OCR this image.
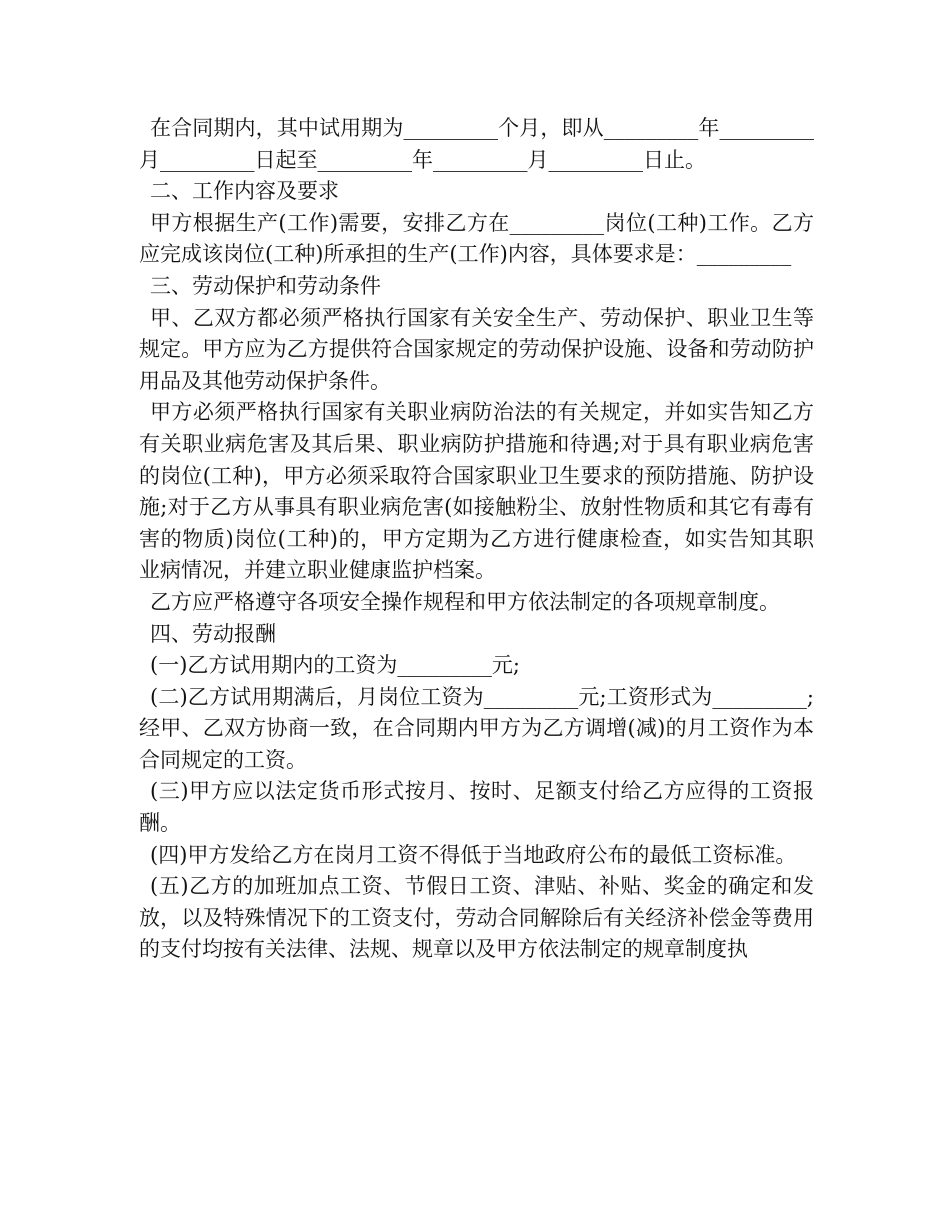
在合同期内，其中试用期为_________个月，即从_________年_________月_________日起至_________年_________月_________日止。

二、工作内容及要求

甲方根据生产(工作)需要，安排乙方在_________岗位(工种)工作。乙方应完成该岗位(工种)所承担的生产(工作)内容，具体要求是：_________

三、劳动保护和劳动条件

甲、乙双方都必须严格执行国家有关安全生产、劳动保护、职业卫生等规定。甲方应为乙方提供符合国家规定的劳动保护设施、设备和劳动防护用品及其他劳动保护条件。

甲方必须严格执行国家有关职业病防治法的有关规定，并如实告知乙方有关职业病危害及其后果、职业病防护措施和待遇;对于具有职业病危害的岗位(工种)，甲方必须采取符合国家职业卫生要求的预防措施、防护设施;对于乙方从事具有职业病危害(如接触粉尘、放射性物质和其它有毒有害的物质)岗位(工种)的，甲方定期为乙方进行健康检查，如实告知其职业病情况，并建立职业健康监护档案。

乙方应严格遵守各项安全操作规程和甲方依法制定的各项规章制度。

四、劳动报酬

(一)乙方试用期内的工资为_________元;

(二)乙方试用期满后，月岗位工资为_________元;工资形式为_________;经甲、乙双方协商一致，在合同期内甲方为乙方调增(减)的月工资作为本合同规定的工资。

(三)甲方应以法定货币形式按月、按时、足额支付给乙方应得的工资报酬。

(四)甲方发给乙方在岗月工资不得低于当地政府公布的最低工资标准。

(五)乙方的加班加点工资、节假日工资、津贴、补贴、奖金的确定和发放，以及特殊情况下的工资支付，劳动合同解除后有关经济补偿金等费用的支付均按有关法律、法规、规章以及甲方依法制定的规章制度执
